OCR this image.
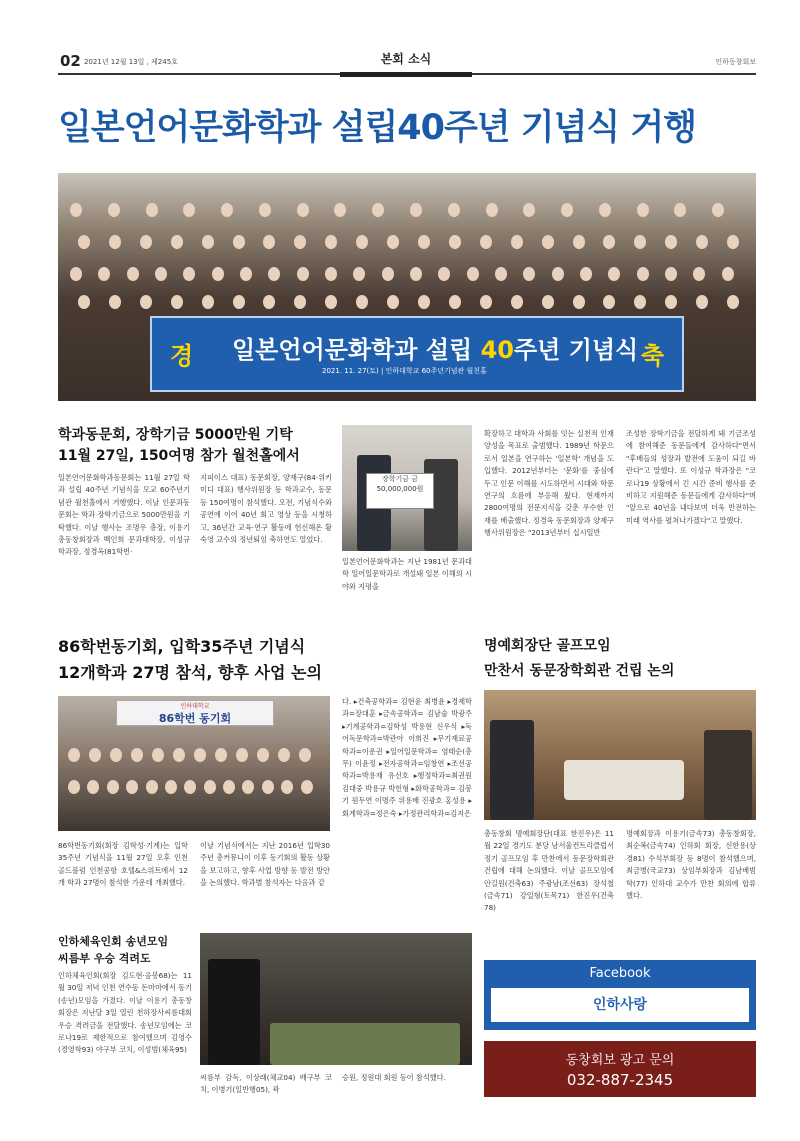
02 2021년 12월 13일 , 제245호	본회 소식	인하동창회보
일본언어문화학과 설립40주년 기념식 거행
경 일본언어문화학과 설립 40주년 기념식 축
2021. 11. 27(토) | 인하대학교 60주년기념관 월천홀
학과동문회, 장학기금 5000만원 기탁
11월 27일, 150여명 참가 월천홀에서
일본언어문화학과동문회는 11월 27일 학과 설립 40주년 기념식을 모교 60주년기념관 월천홀에서 거행했다. 이날 인문과동문회는 학과 장학기금으로 5000만원을 기탁했다. 이날 행사는 조명우 총장, 이용기 총동창회장과 백인희 문과대학장, 이성규 학과장, 정경옥(81학번·
지피이스 대표) 동문회장, 양재구(84·위키미디 대표) 행사위원장 등 학과교수, 동문 등 150여명이 참석했다. 오전, 기념식수와 공연에 이어 40년 회고 영상 등을 시청하고, 36년간 교육·연구 활동에 헌신해온 황숙영 교수의 정년퇴임 축하연도 열었다.
장학기금 금 50,000,000원
일본언어문화학과는 지난 1981년 문과대학 일어일문학과로 개설돼 일본 이해의 시야와 지평을
확장하고 대학과 사회를 잇는 실천적 인재 양성을 목표로 출범했다. 1989년 학문으로서 일본을 연구하는 '일본학' 개념을 도입했다. 2012년부터는 '문화'를 중심에 두고 인문 이해를 시도하면서 시대와 학문 연구의 흐름에 부응해 왔다. 현재까지 2800여명의 전문지식을 갖춘 우수한 인재를 배출했다. 정경옥 동문회장과 양재구 행사위원장은 "2013년부터 십시일반
조성한 장학기금을 전달하게 돼 기금조성에 참여해준 동문들에게 감사하다"면서 "후배들의 성장과 발전에 도움이 되길 바란다"고 말했다. 또 이성규 학과장은 "코로나19 상황에서 긴 시간 준비 행사를 준비하고 지원해준 동문들에게 감사하다"며 "앞으로 40년을 내다보며 더욱 반전하는 미래 역사를 펼쳐나가겠다"고 말했다.
86학번동기회, 입학35주년 기념식
12개학과 27명 참석, 향후 사업 논의
인하대학교
86학번 동기회
86학번동기회(회장 김학성·기계)는 입학 35주년 기념식을 11월 27일 오후 인천 골드블럼 인천공항 호텔&스위트에서 12개 학과 27명이 참석한 가운데 개최했다.
이날 기념식에서는 지난 2016년 입학30주년 총커뮤니이 이후 동기회의 활동 상황을 보고하고, 향후 사업 방향 등 발전 방안을 논의했다. 학과별 참석자는 다음과 같
다. ▸건축공학과= 김현윤 최병윤 ▸경제학과=장대훈 ▸금속공학과= 김남술 박광주 ▸기계공학과=김학성 박용현 신우식 ▸독어독문학과=박관아 이희진 ▸무기재료공학과=이운권 ▸일어일문학과= 염태순(총무) 이윤정 ▸전자공학과=임창연 ▸조선공학과=박용재 유선호 ▸행정학과=최권원 김대중 박용규 박헌형 ▸화학공학과= 김봉기 원두연 이명주 위용배 진광호 홍성용 ▸회계학과=정은숙 ▸가정관리학과=김지은
명예회장단 골프모임
만찬서 동문장학회관 건립 논의
총동창회 명예회장단(대표 한진우)은 11월 22일 경기도 분당 남서울컨트리클럽서 정기 골프모임 후 만찬에서 동문장학회관 건립에 대해 논의했다. 이날 골프모임에 안길원(건축63) 주광남(조선63) 장석철(금속71) 강일형(토목71) 한진우(건축78)
명예회장과 이용기(금속73) 총동창회장, 최순복(금속74) 인하회 회장, 신한용(상경81) 수석부회장 등 8명이 참석했으며, 최금병(국교73) 상임부회장과 김남배범학(77) 인하대 교수가 만찬 회의에 합류했다.
인하체육인회 송년모임
씨름부 우승 격려도
인하체육인회(회장 김도현·음봉68)는 11월 30일 저녁 인천 연수동 돈마마에서 동기(송년)모임을 가졌다. 이날 이용기 총동창회장은 지난달 3일 열린 천하장사씨름대회 우승 격려금을 전달했다. 송년모임에는 코로나19로 제한적으로 참여했으며 김영수(경영학93) 야구부 코치, 이성범(체육95)
씨름부 감독, 이상래(체교04) 배구부 코치, 이병기(일반행05), 곽
승원, 정원대 회원 등이 참석했다.
Facebook
인하사랑
동창회보 광고 문의
032-887-2345
